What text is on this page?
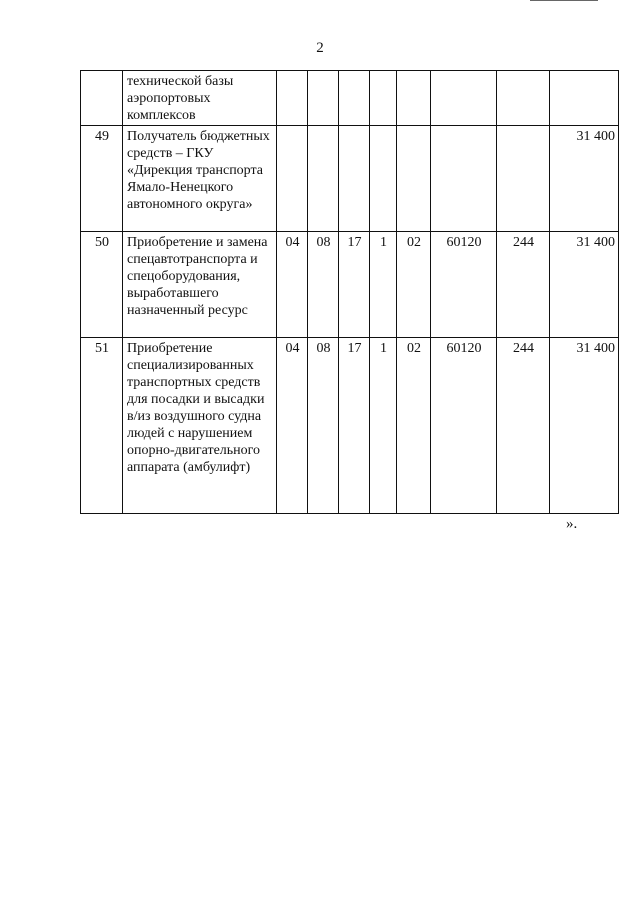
2
	технической базы аэропортовых комплексов								
49	Получатель бюджетных средств – ГКУ «Дирекция транспорта Ямало-Ненецкого автономного округа»								31 400
50	Приобретение и замена спецавтотранспорта и спецоборудования, выработавшего назначенный ресурс	04	08	17	1	02	60120	244	31 400
51	Приобретение специализированных транспортных средств для посадки и высадки в/из воздушного судна людей с нарушением опорно-двигательного аппарата (амбулифт)	04	08	17	1	02	60120	244	31 400
».
